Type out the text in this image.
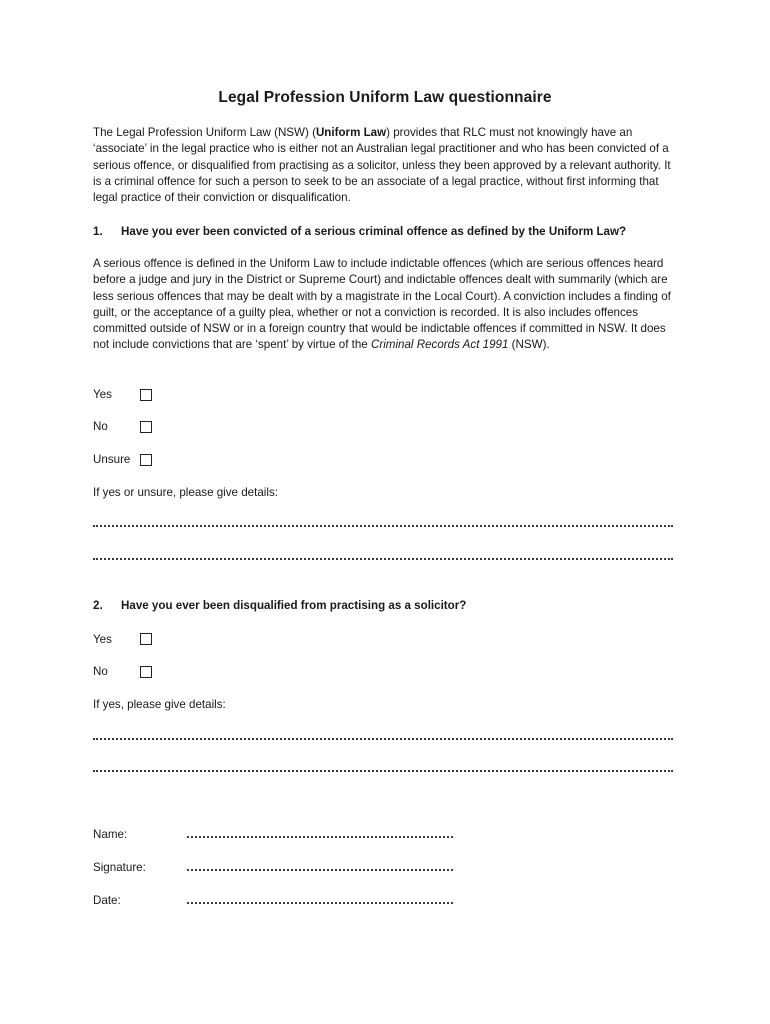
Legal Profession Uniform Law questionnaire

The Legal Profession Uniform Law (NSW) (Uniform Law) provides that RLC must not knowingly have an ‘associate’ in the legal practice who is either not an Australian legal practitioner and who has been convicted of a serious offence, or disqualified from practising as a solicitor, unless they been approved by a relevant authority. It is a criminal offence for such a person to seek to be an associate of a legal practice, without first informing that legal practice of their conviction or disqualification.

1. Have you ever been convicted of a serious criminal offence as defined by the Uniform Law?

A serious offence is defined in the Uniform Law to include indictable offences (which are serious offences heard before a judge and jury in the District or Supreme Court) and indictable offences dealt with summarily (which are less serious offences that may be dealt with by a magistrate in the Local Court). A conviction includes a finding of guilt, or the acceptance of a guilty plea, whether or not a conviction is recorded. It is also includes offences committed outside of NSW or in a foreign country that would be indictable offences if committed in NSW. It does not include convictions that are ‘spent’ by virtue of the Criminal Records Act 1991 (NSW).

Yes
No
Unsure
If yes or unsure, please give details:
2. Have you ever been disqualified from practising as a solicitor?
Yes
No
If yes, please give details:
Name:
Signature:
Date:
